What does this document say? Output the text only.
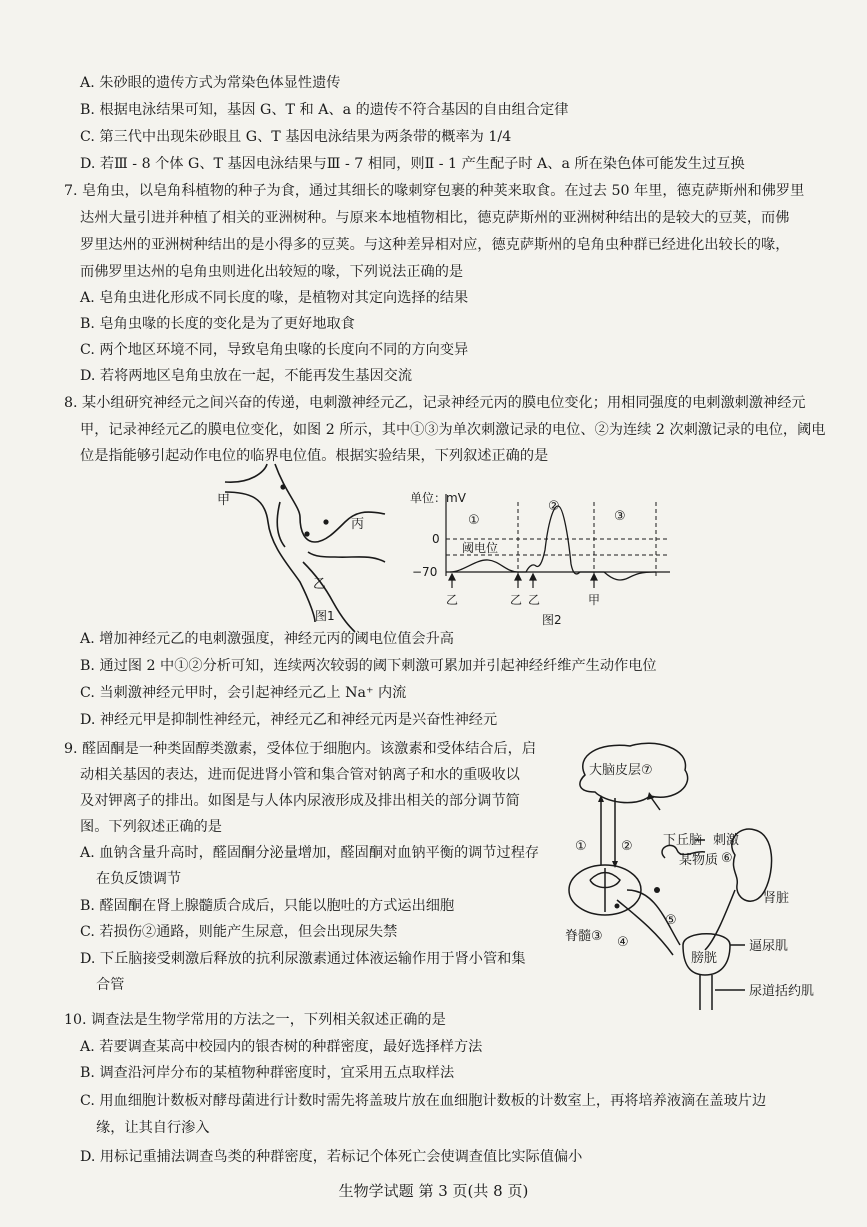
A. 朱砂眼的遗传方式为常染色体显性遗传
B. 根据电泳结果可知，基因 G、T 和 A、a 的遗传不符合基因的自由组合定律
C. 第三代中出现朱砂眼且 G、T 基因电泳结果为两条带的概率为 1/4
D. 若Ⅲ - 8 个体 G、T 基因电泳结果与Ⅲ - 7 相同，则Ⅱ - 1 产生配子时 A、a 所在染色体可能发生过互换
7. 皂角虫，以皂角科植物的种子为食，通过其细长的喙刺穿包裹的种荚来取食。在过去 50 年里，德克萨斯州和佛罗里
达州大量引进并种植了相关的亚洲树种。与原来本地植物相比，德克萨斯州的亚洲树种结出的是较大的豆荚，而佛
罗里达州的亚洲树种结出的是小得多的豆荚。与这种差异相对应，德克萨斯州的皂角虫种群已经进化出较长的喙，
而佛罗里达州的皂角虫则进化出较短的喙，下列说法正确的是
A. 皂角虫进化形成不同长度的喙，是植物对其定向选择的结果
B. 皂角虫喙的长度的变化是为了更好地取食
C. 两个地区环境不同，导致皂角虫喙的长度向不同的方向变异
D. 若将两地区皂角虫放在一起，不能再发生基因交流
8. 某小组研究神经元之间兴奋的传递，电刺激神经元乙，记录神经元丙的膜电位变化；用相同强度的电刺激刺激神经元
甲，记录神经元乙的膜电位变化，如图 2 所示，其中①③为单次刺激记录的电位、②为连续 2 次刺激记录的电位，阈电
位是指能够引起动作电位的临界电位值。根据实验结果，下列叙述正确的是
甲
丙
乙
图1
单位：mV
0
−70
阈电位
①
②
③
乙	乙 乙	甲
图2
A. 增加神经元乙的电刺激强度，神经元丙的阈电位值会升高
B. 通过图 2 中①②分析可知，连续两次较弱的阈下刺激可累加并引起神经纤维产生动作电位
C. 当刺激神经元甲时，会引起神经元乙上 Na⁺ 内流
D. 神经元甲是抑制性神经元，神经元乙和神经元丙是兴奋性神经元
9. 醛固酮是一种类固醇类激素，受体位于细胞内。该激素和受体结合后，启
动相关基因的表达，进而促进肾小管和集合管对钠离子和水的重吸收以
及对钾离子的排出。如图是与人体内尿液形成及排出相关的部分调节简
图。下列叙述正确的是
A. 血钠含量升高时，醛固酮分泌量增加，醛固酮对血钠平衡的调节过程存
在负反馈调节
B. 醛固酮在肾上腺髓质合成后，只能以胞吐的方式运出细胞
C. 若损伤②通路，则能产生尿意，但会出现尿失禁
D. 下丘脑接受刺激后释放的抗利尿激素通过体液运输作用于肾小管和集
合管
大脑皮层⑦
下丘脑 刺激
某物质
肾脏
脊髓③
膀胱
逼尿肌
尿道括约肌
①	②
④
⑤
⑥
10. 调查法是生物学常用的方法之一，下列相关叙述正确的是
A. 若要调查某高中校园内的银杏树的种群密度，最好选择样方法
B. 调查沿河岸分布的某植物种群密度时，宜采用五点取样法
C. 用血细胞计数板对酵母菌进行计数时需先将盖玻片放在血细胞计数板的计数室上，再将培养液滴在盖玻片边
缘，让其自行渗入
D. 用标记重捕法调查鸟类的种群密度，若标记个体死亡会使调查值比实际值偏小
生物学试题 第 3 页(共 8 页)
